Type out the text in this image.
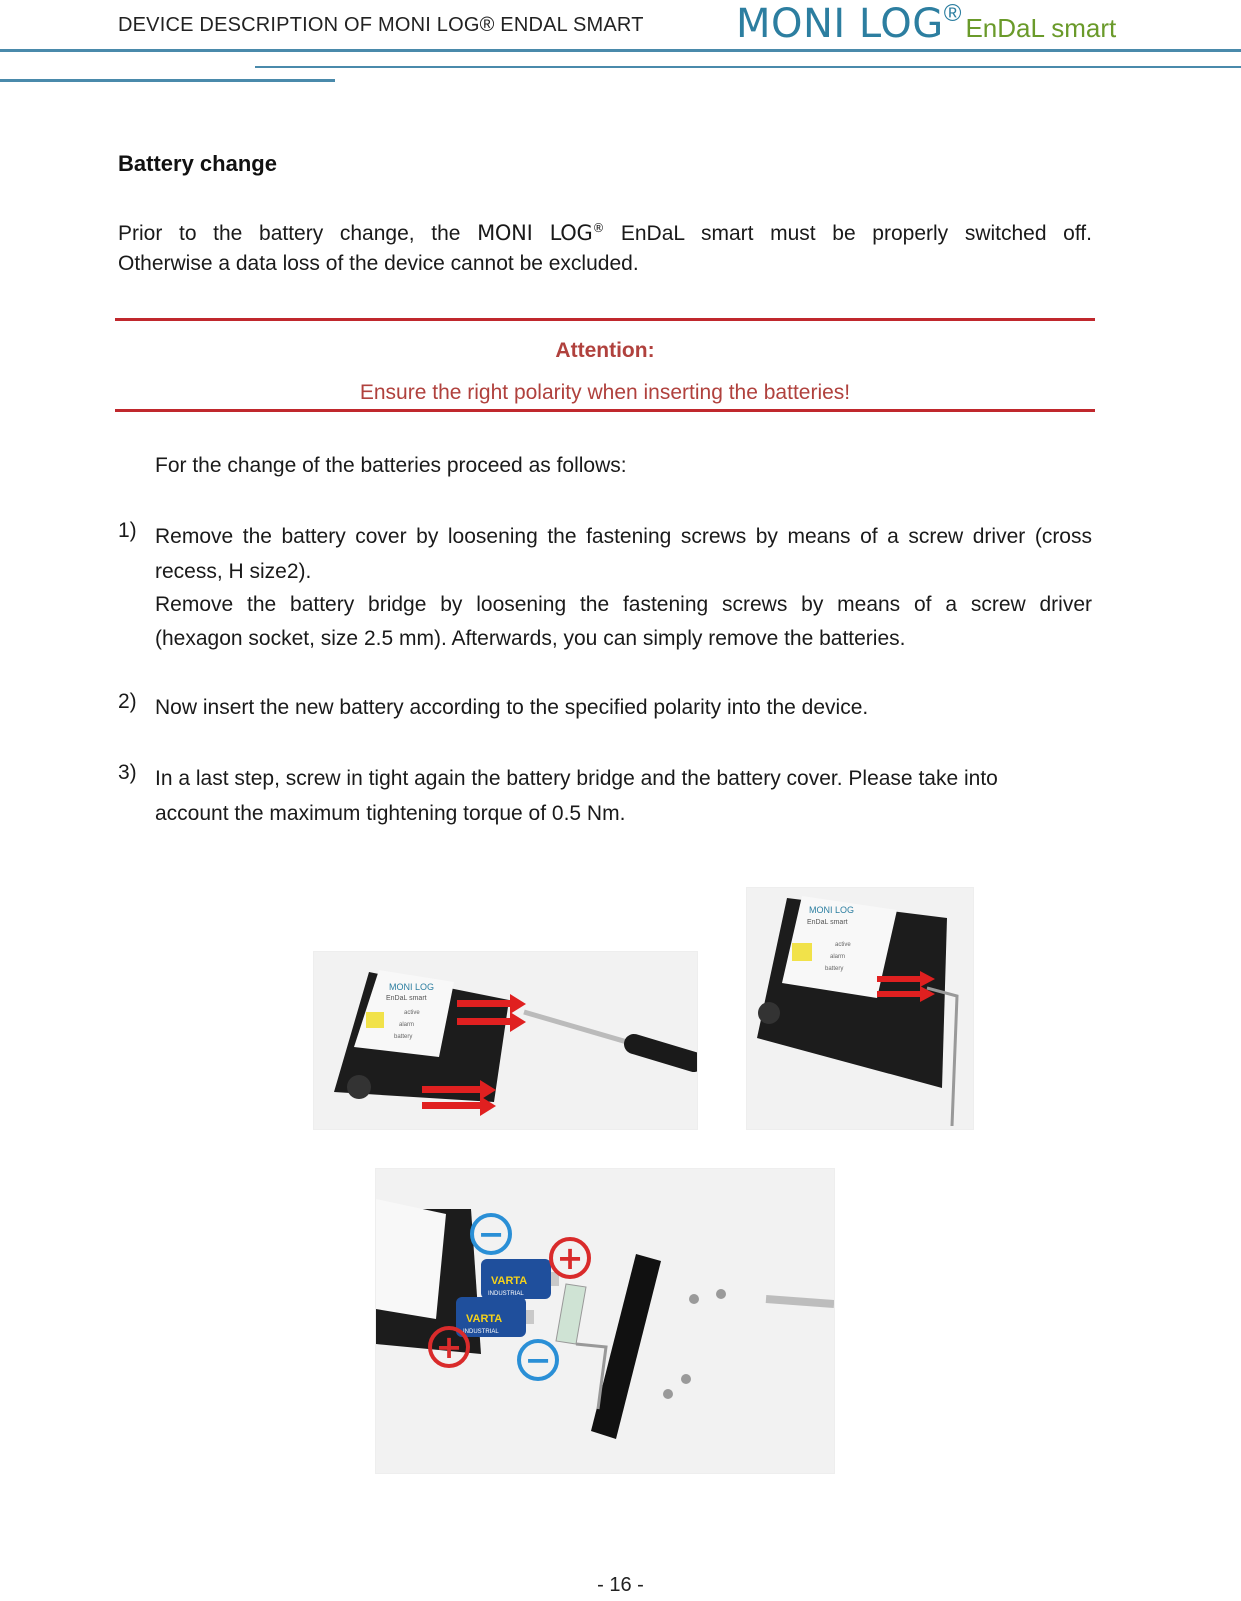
DEVICE DESCRIPTION OF MONI LOG® ENDAL SMART MONI LOG® EnDaL smart
Battery change
Prior to the battery change, the MONI LOG® EnDaL smart must be properly switched off.
Otherwise a data loss of the device cannot be excluded.
Attention:
Ensure the right polarity when inserting the batteries!
For the change of the batteries proceed as follows:
1) Remove the battery cover by loosening the fastening screws by means of a screw driver (cross
recess, H size2).
Remove the battery bridge by loosening the fastening screws by means of a screw driver
(hexagon socket, size 2.5 mm). Afterwards, you can simply remove the batteries.
2) Now insert the new battery according to the specified polarity into the device.
3) In a last step, screw in tight again the battery bridge and the battery cover. Please take into
account the maximum tightening torque of 0.5 Nm.
MONI LOG
EnDaL smart
active
alarm
battery
MONI LOG
EnDaL smart
active
alarm
battery
VARTA
INDUSTRIAL
VARTA
INDUSTRIAL
−
+
+ −
- 16 -
